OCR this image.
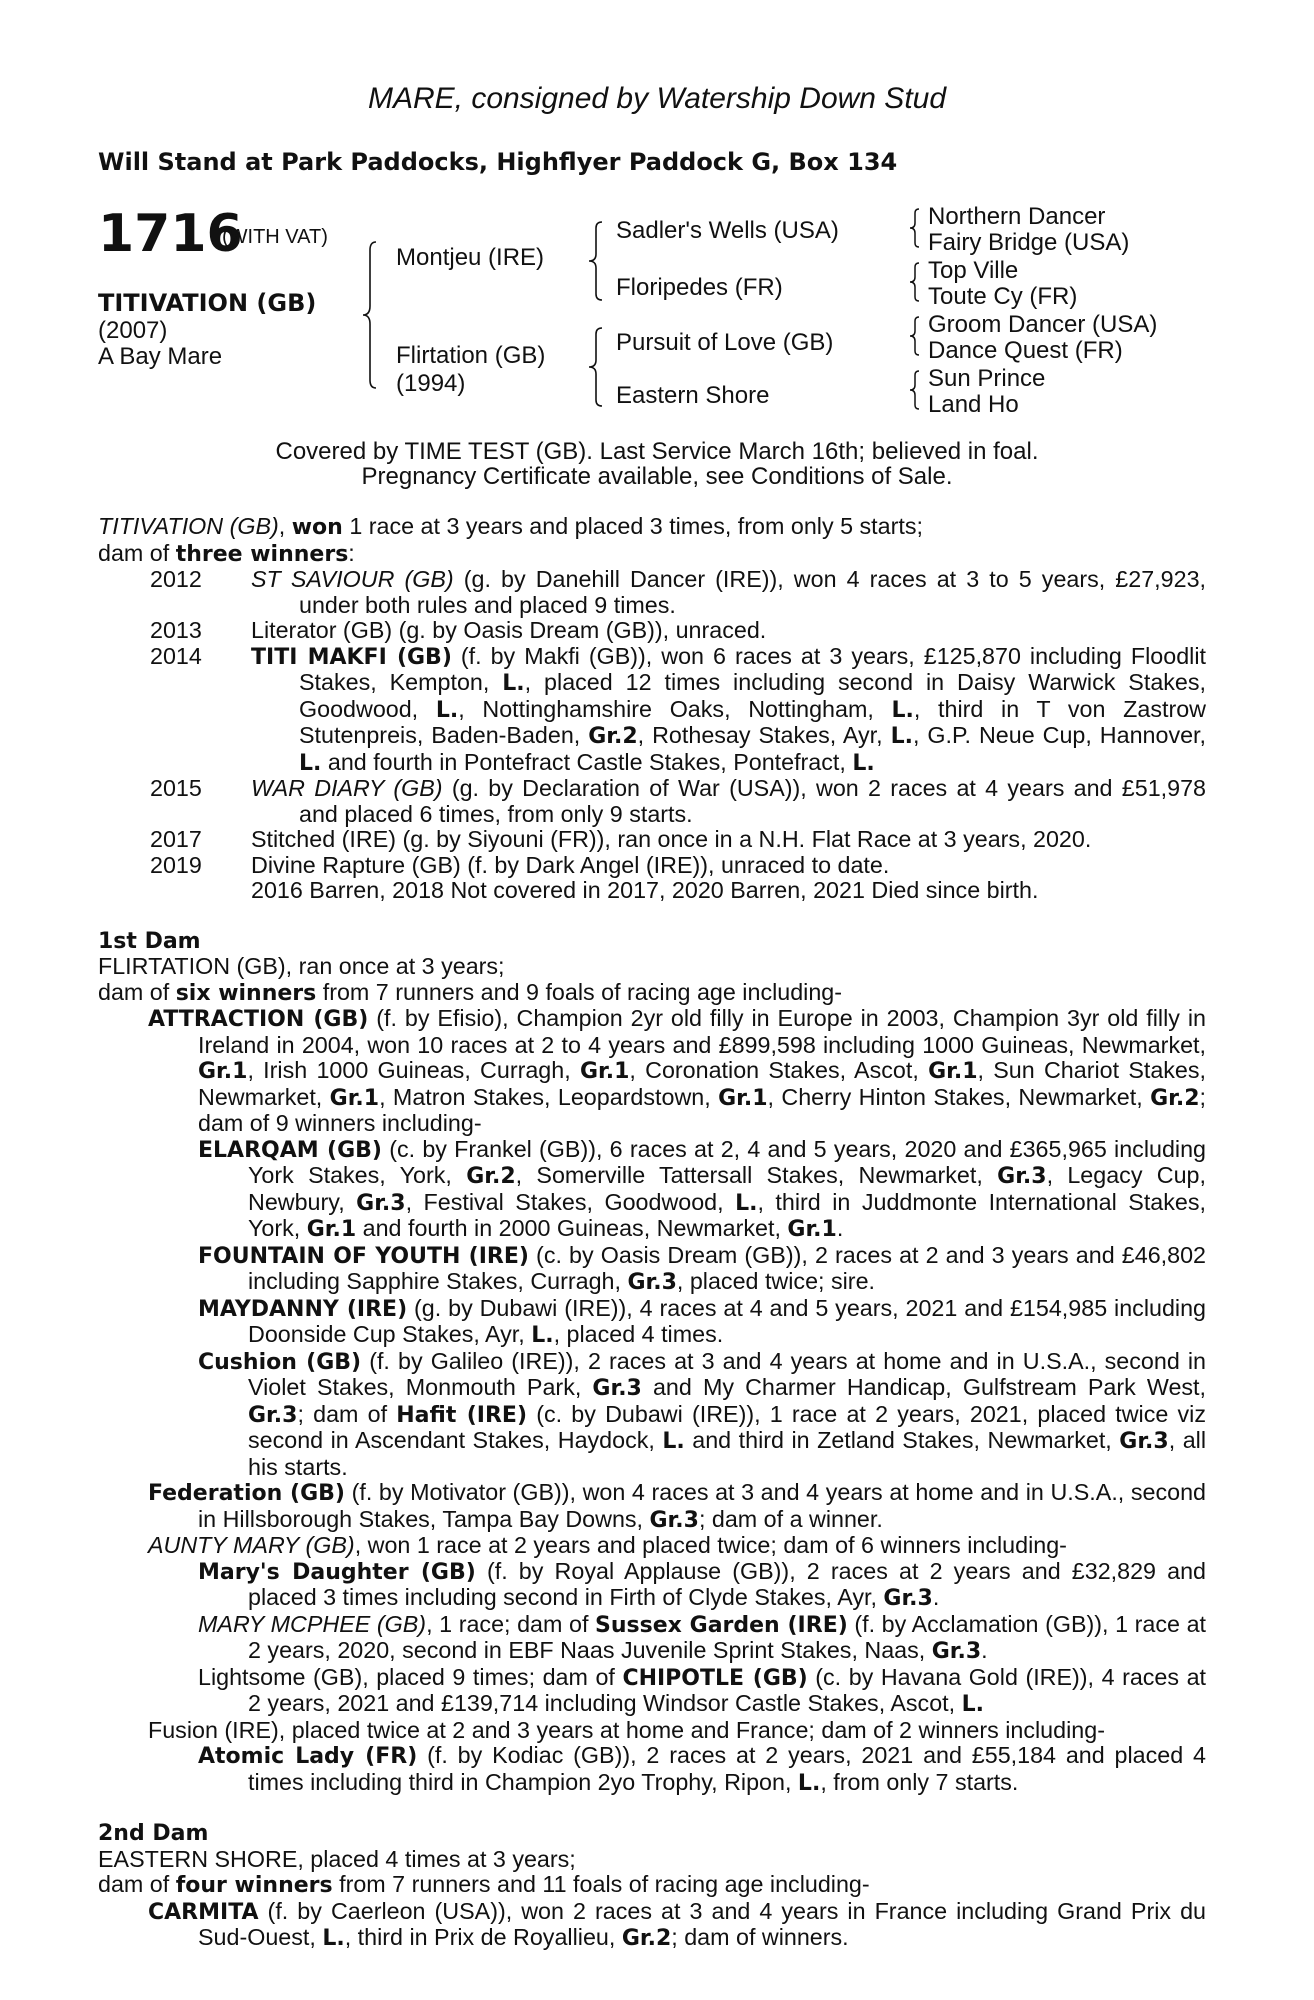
MARE, consigned by Watership Down Stud
Will Stand at Park Paddocks, Highflyer Paddock G, Box 134
1716
(WITH VAT)
TITIVATION (GB)
(2007)
A Bay Mare
Montjeu (IRE)
Flirtation (GB)
(1994)
Sadler's Wells (USA)
Floripedes (FR)
Pursuit of Love (GB)
Eastern Shore
Northern Dancer
Fairy Bridge (USA)
Top Ville
Toute Cy (FR)
Groom Dancer (USA)
Dance Quest (FR)
Sun Prince
Land Ho
Covered by TIME TEST (GB). Last Service March 16th; believed in foal.
Pregnancy Certificate available, see Conditions of Sale.

TITIVATION (GB), won 1 race at 3 years and placed 3 times, from only 5 starts;

dam of three winners:

2012	ST SAVIOUR (GB) (g. by Danehill Dancer (IRE)), won 4 races at 3 to 5 years, £27,923, under both rules and placed 9 times.
2013	Literator (GB) (g. by Oasis Dream (GB)), unraced.
2014	TITI MAKFI (GB) (f. by Makfi (GB)), won 6 races at 3 years, £125,870 including Floodlit Stakes, Kempton, L., placed 12 times including second in Daisy Warwick Stakes, Goodwood, L., Nottinghamshire Oaks, Nottingham, L., third in T von Zastrow Stutenpreis, Baden-Baden, Gr.2, Rothesay Stakes, Ayr, L., G.P. Neue Cup, Hannover, L. and fourth in Pontefract Castle Stakes, Pontefract, L.
2015	WAR DIARY (GB) (g. by Declaration of War (USA)), won 2 races at 4 years and £51,978 and placed 6 times, from only 9 starts.
2017	Stitched (IRE) (g. by Siyouni (FR)), ran once in a N.H. Flat Race at 3 years, 2020.
2019	Divine Rapture (GB) (f. by Dark Angel (IRE)), unraced to date.
2016 Barren, 2018 Not covered in 2017, 2020 Barren, 2021 Died since birth.

1st Dam

FLIRTATION (GB), ran once at 3 years;

dam of six winners from 7 runners and 9 foals of racing age including-

ATTRACTION (GB) (f. by Efisio), Champion 2yr old filly in Europe in 2003, Champion 3yr old filly in Ireland in 2004, won 10 races at 2 to 4 years and £899,598 including 1000 Guineas, Newmarket, Gr.1, Irish 1000 Guineas, Curragh, Gr.1, Coronation Stakes, Ascot, Gr.1, Sun Chariot Stakes, Newmarket, Gr.1, Matron Stakes, Leopardstown, Gr.1, Cherry Hinton Stakes, Newmarket, Gr.2; dam of 9 winners including-

ELARQAM (GB) (c. by Frankel (GB)), 6 races at 2, 4 and 5 years, 2020 and £365,965 including York Stakes, York, Gr.2, Somerville Tattersall Stakes, Newmarket, Gr.3, Legacy Cup, Newbury, Gr.3, Festival Stakes, Goodwood, L., third in Juddmonte International Stakes, York, Gr.1 and fourth in 2000 Guineas, Newmarket, Gr.1.

FOUNTAIN OF YOUTH (IRE) (c. by Oasis Dream (GB)), 2 races at 2 and 3 years and £46,802 including Sapphire Stakes, Curragh, Gr.3, placed twice; sire.

MAYDANNY (IRE) (g. by Dubawi (IRE)), 4 races at 4 and 5 years, 2021 and £154,985 including Doonside Cup Stakes, Ayr, L., placed 4 times.

Cushion (GB) (f. by Galileo (IRE)), 2 races at 3 and 4 years at home and in U.S.A., second in Violet Stakes, Monmouth Park, Gr.3 and My Charmer Handicap, Gulfstream Park West, Gr.3; dam of Hafit (IRE) (c. by Dubawi (IRE)), 1 race at 2 years, 2021, placed twice viz second in Ascendant Stakes, Haydock, L. and third in Zetland Stakes, Newmarket, Gr.3, all his starts.

Federation (GB) (f. by Motivator (GB)), won 4 races at 3 and 4 years at home and in U.S.A., second in Hillsborough Stakes, Tampa Bay Downs, Gr.3; dam of a winner.

AUNTY MARY (GB), won 1 race at 2 years and placed twice; dam of 6 winners including-

Mary's Daughter (GB) (f. by Royal Applause (GB)), 2 races at 2 years and £32,829 and placed 3 times including second in Firth of Clyde Stakes, Ayr, Gr.3.

MARY MCPHEE (GB), 1 race; dam of Sussex Garden (IRE) (f. by Acclamation (GB)), 1 race at 2 years, 2020, second in EBF Naas Juvenile Sprint Stakes, Naas, Gr.3.

Lightsome (GB), placed 9 times; dam of CHIPOTLE (GB) (c. by Havana Gold (IRE)), 4 races at 2 years, 2021 and £139,714 including Windsor Castle Stakes, Ascot, L.

Fusion (IRE), placed twice at 2 and 3 years at home and France; dam of 2 winners including-

Atomic Lady (FR) (f. by Kodiac (GB)), 2 races at 2 years, 2021 and £55,184 and placed 4 times including third in Champion 2yo Trophy, Ripon, L., from only 7 starts.

2nd Dam

EASTERN SHORE, placed 4 times at 3 years;

dam of four winners from 7 runners and 11 foals of racing age including-

CARMITA (f. by Caerleon (USA)), won 2 races at 3 and 4 years in France including Grand Prix du Sud-Ouest, L., third in Prix de Royallieu, Gr.2; dam of winners.
